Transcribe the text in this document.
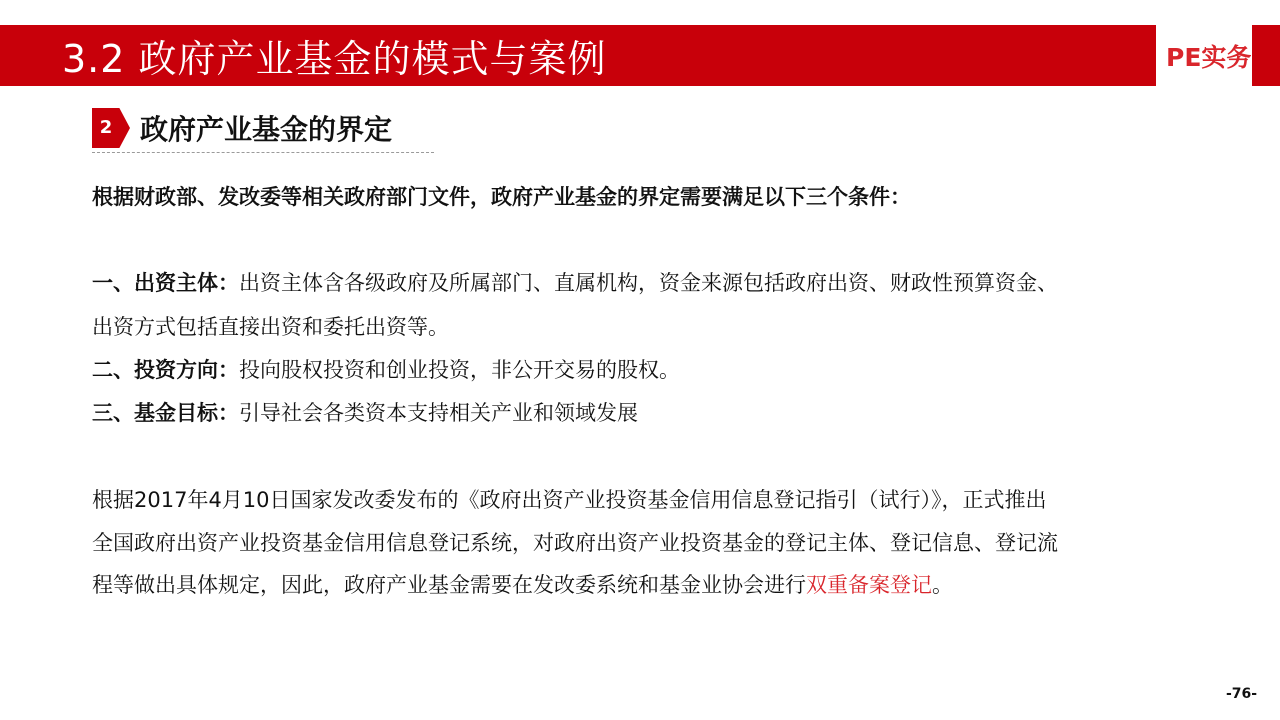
3.2 政府产业基金的模式与案例	PE实务
2 政府产业基金的界定
根据财政部、发改委等相关政府部门文件，政府产业基金的界定需要满足以下三个条件：
一、出资主体：出资主体含各级政府及所属部门、直属机构，资金来源包括政府出资、财政性预算资金、
出资方式包括直接出资和委托出资等。
二、投资方向：投向股权投资和创业投资，非公开交易的股权。
三、基金目标：引导社会各类资本支持相关产业和领域发展
根据2017年4月10日国家发改委发布的《政府出资产业投资基金信用信息登记指引（试行）》，正式推出
全国政府出资产业投资基金信用信息登记系统，对政府出资产业投资基金的登记主体、登记信息、登记流
程等做出具体规定，因此，政府产业基金需要在发改委系统和基金业协会进行双重备案登记。
-76-
